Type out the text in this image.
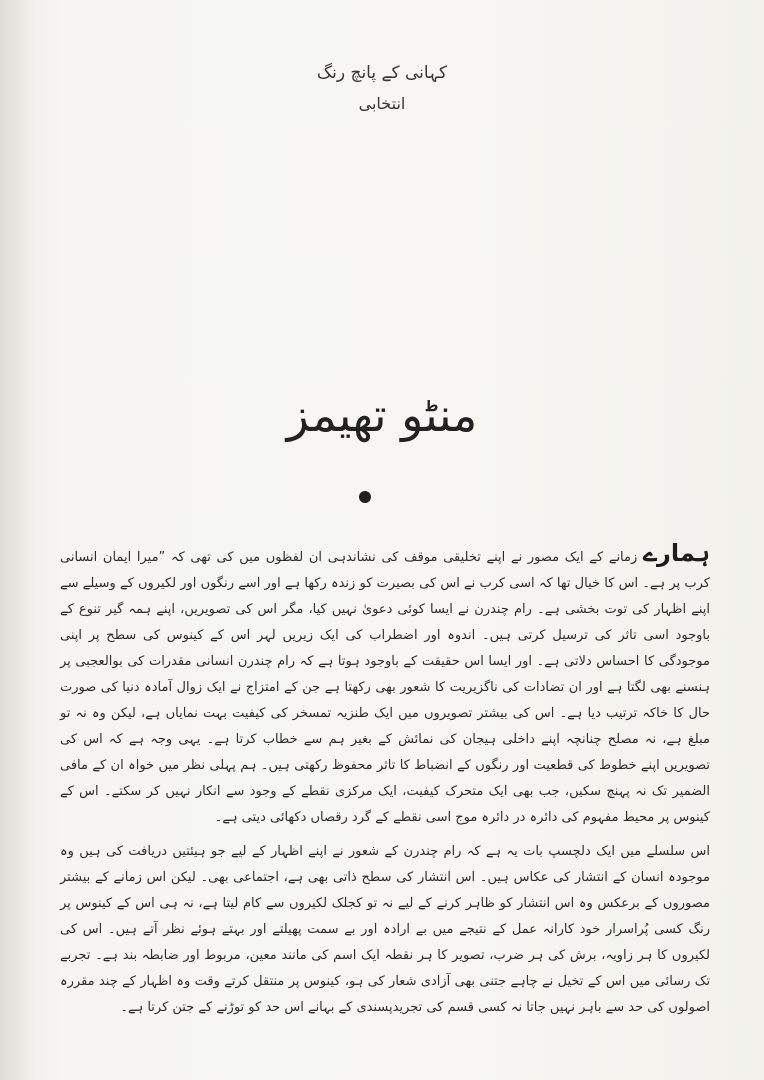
کہانی کے پانچ رنگ
انتخابی
منٹو تھیمز

ہمارے زمانے کے ایک مصور نے اپنے تخلیقی موقف کی نشاندہی ان لفظوں میں کی تھی کہ ”میرا ایمان انسانی کرب پر ہے۔ اس کا خیال تھا کہ اسی کرب نے اس کی بصیرت کو زندہ رکھا ہے اور اسے رنگوں اور لکیروں کے وسیلے سے اپنے اظہار کی توت بخشی ہے۔ رام چندرن نے ایسا کوئی دعویٰ نہیں کیا، مگر اس کی تصویریں، اپنے ہمہ گیر تنوع کے باوجود اسی تاثر کی ترسیل کرتی ہیں۔ اندوہ اور اضطراب کی ایک زیریں لہر اس کے کینوس کی سطح پر اپنی موجودگی کا احساس دلاتی ہے۔ اور ایسا اس حقیقت کے باوجود ہوتا ہے کہ رام چندرن انسانی مقدرات کی بوالعجبی پر ہنسنے بھی لگتا ہے اور ان تضادات کی ناگزیریت کا شعور بھی رکھتا ہے جن کے امتزاج نے ایک زوال آمادہ دنیا کی صورت حال کا خاکہ ترتیب دیا ہے۔ اس کی بیشتر تصویروں میں ایک طنزیہ تمسخر کی کیفیت بہت نمایاں ہے، لیکن وہ نہ تو مبلغ ہے، نہ مصلح چنانچہ اپنے داخلی ہیجان کی نمائش کے بغیر ہم سے خطاب کرتا ہے۔ یہی وجہ ہے کہ اس کی تصویریں اپنے خطوط کی قطعیت اور رنگوں کے انضباط کا تاثر محفوظ رکھتی ہیں۔ ہم پہلی نظر میں خواہ ان کے مافی الضمیر تک نہ پہنچ سکیں، جب بھی ایک متحرک کیفیت، ایک مرکزی نقطے کے وجود سے انکار نہیں کر سکتے۔ اس کے کینوس پر محیط مفہوم کی دائرہ در دائرہ موج اسی نقطے کے گرد رقصاں دکھائی دیتی ہے۔

اس سلسلے میں ایک دلچسپ بات یہ ہے کہ رام چندرن کے شعور نے اپنے اظہار کے لیے جو ہیئتیں دریافت کی ہیں وہ موجودہ انسان کے انتشار کی عکاس ہیں۔ اس انتشار کی سطح ذاتی بھی ہے، اجتماعی بھی۔ لیکن اس زمانے کے بیشتر مصوروں کے برعکس وہ اس انتشار کو ظاہر کرنے کے لیے نہ تو کجلک لکیروں سے کام لیتا ہے، نہ ہی اس کے کینوس پر رنگ کسی پُراسرار خود کارانہ عمل کے نتیجے میں بے ارادہ اور بے سمت پھیلتے اور بہتے ہوئے نظر آتے ہیں۔ اس کی لکیروں کا ہر زاویہ، برش کی ہر ضرب، تصویر کا ہر نقطہ ایک اسم کی مانند معین، مربوط اور ضابطہ بند ہے۔ تجربے تک رسائی میں اس کے تخیل نے چاہے جتنی بھی آزادی شعار کی ہو، کینوس پر منتقل کرتے وقت وہ اظہار کے چند مقررہ اصولوں کی حد سے باہر نہیں جاتا نہ کسی قسم کی تجریدپسندی کے بہانے اس حد کو توڑنے کے جتن کرتا ہے۔
